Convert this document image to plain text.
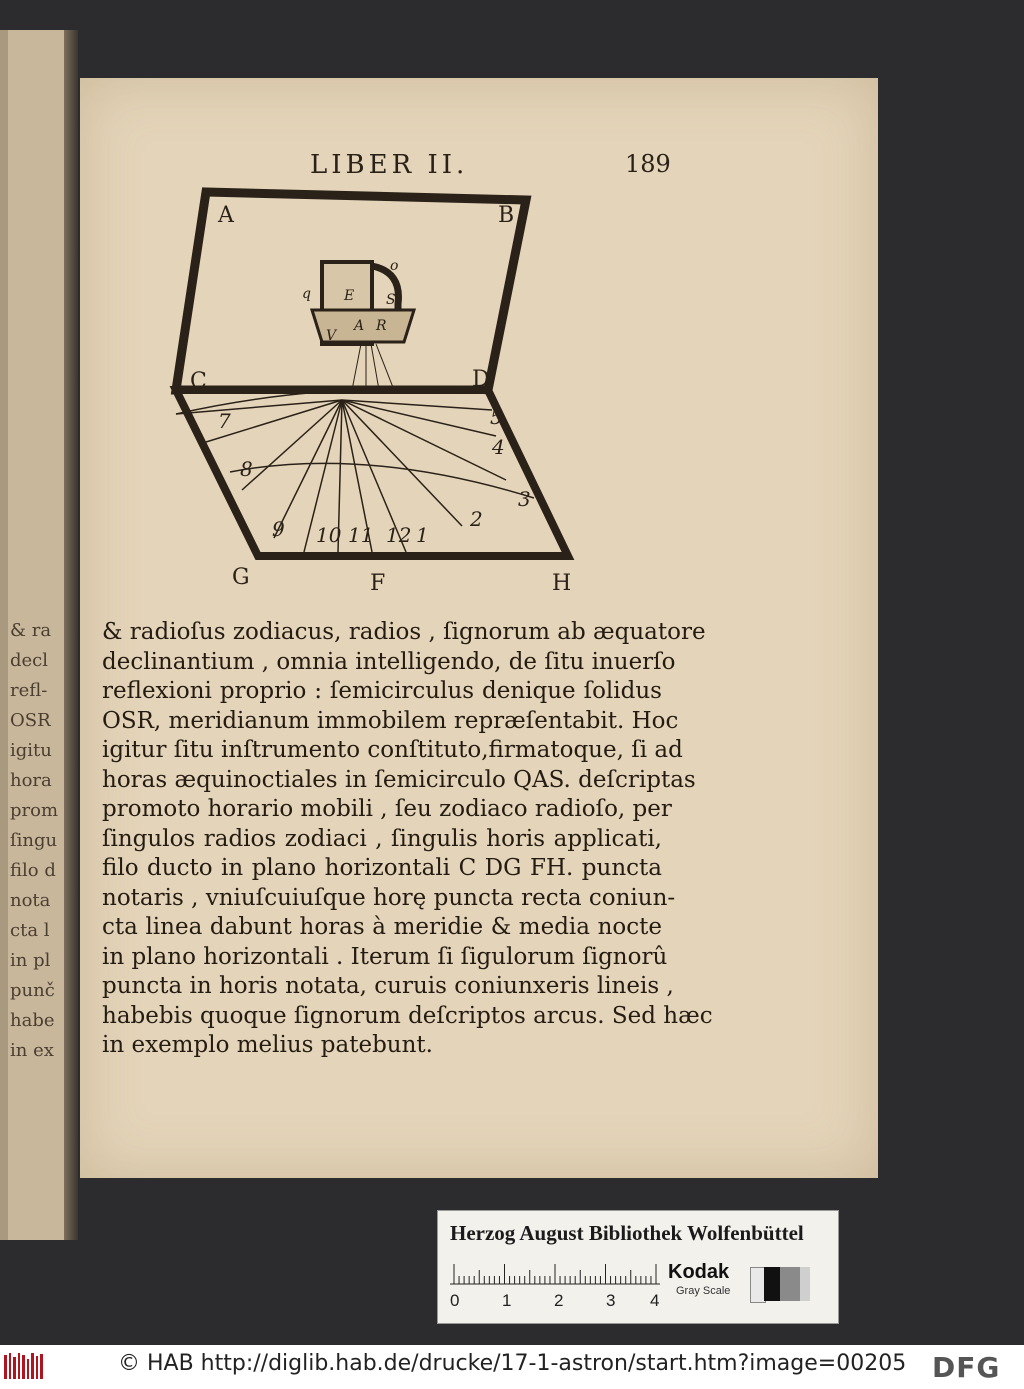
& ra
decl
refl-
OSR
igitu
hora
prom
ſingu
filo d
nota
cta l
in pl
punč
habe
in ex
LIBER II.	189
A	B
C	D
G	F	H
q E S
o
V
A R
7
8
9 10 11 12 1
2
3
4
5
& radioſus zodiacus, radios , ſignorum ab æquatore
declinantium , omnia intelligendo, de ſitu inuerſo
reflexioni proprio : ſemicirculus denique ſolidus
OSR, meridianum immobilem repræſentabit. Hoc
igitur ſitu inſtrumento conſtituto,firmatoque, ſi ad
horas æquinoctiales in ſemicirculo QAS. deſcriptas
promoto horario mobili , ſeu zodiaco radioſo, per
ſingulos radios zodiaci , ſingulis horis applicati,
filo ducto in plano horizontali C DG FH. puncta
notaris , vniuſcuiuſque horę puncta recta coniun-
cta linea dabunt horas à meridie & media nocte
in plano horizontali . Iterum ſi ſigulorum ſignorû
puncta in horis notata, curuis coniunxeris lineis ,
habebis quoque ſignorum deſcriptos arcus. Sed hæc
in exemplo melius patebunt.
Herzog August Bibliothek Wolfenbüttel
0	1	2	3 4
Kodak
Gray Scale
© HAB http://diglib.hab.de/drucke/17-1-astron/start.htm?image=00205 DFG
